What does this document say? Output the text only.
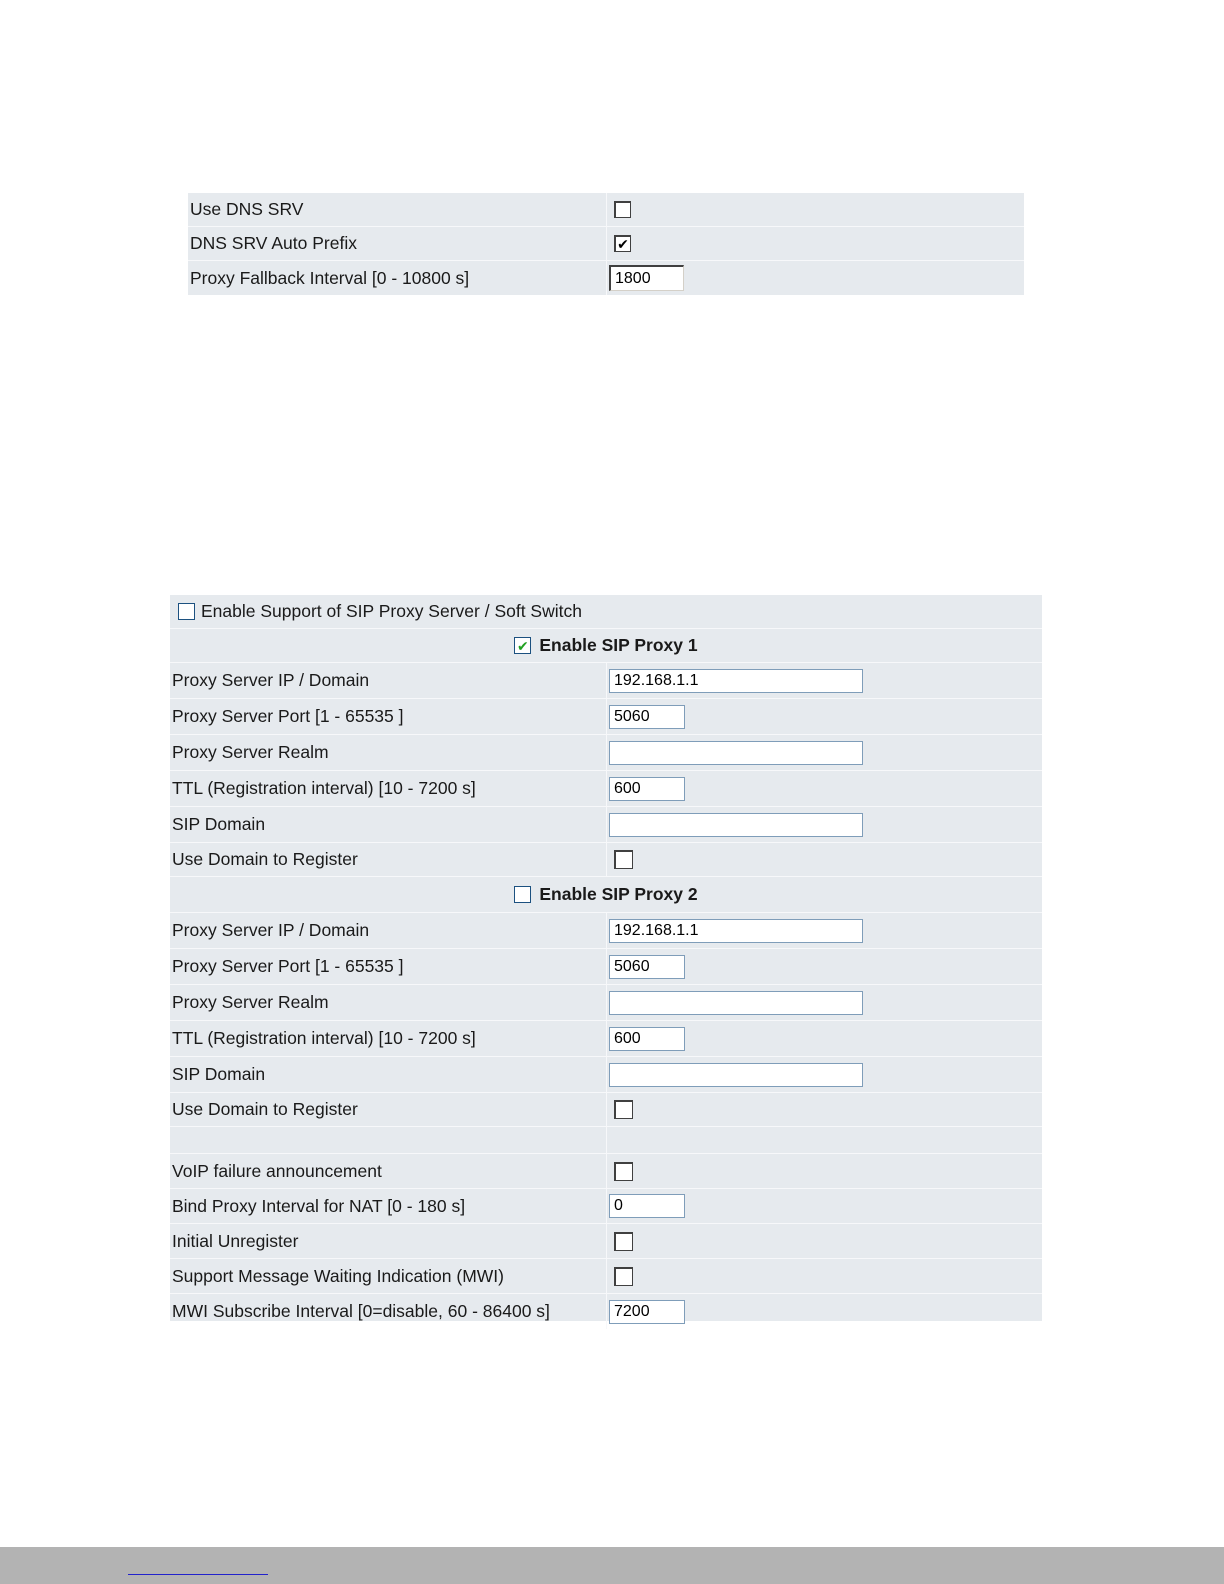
Use DNS SRV
DNS SRV Auto Prefix	✔
Proxy Fallback Interval [0 - 10800 s]
1800
Enable Support of SIP Proxy Server / Soft Switch
✔ Enable SIP Proxy 1
Proxy Server IP / Domain
192.168.1.1
Proxy Server Port [1 - 65535 ]
5060
Proxy Server Realm
TTL (Registration interval) [10 - 7200 s]
600
SIP Domain
Use Domain to Register
Enable SIP Proxy 2
Proxy Server IP / Domain
192.168.1.1
Proxy Server Port [1 - 65535 ]
5060
Proxy Server Realm
TTL (Registration interval) [10 - 7200 s]
600
SIP Domain
Use Domain to Register
VoIP failure announcement
Bind Proxy Interval for NAT [0 - 180 s]
0
Initial Unregister
Support Message Waiting Indication (MWI)
MWI Subscribe Interval [0=disable, 60 - 86400 s]
7200
